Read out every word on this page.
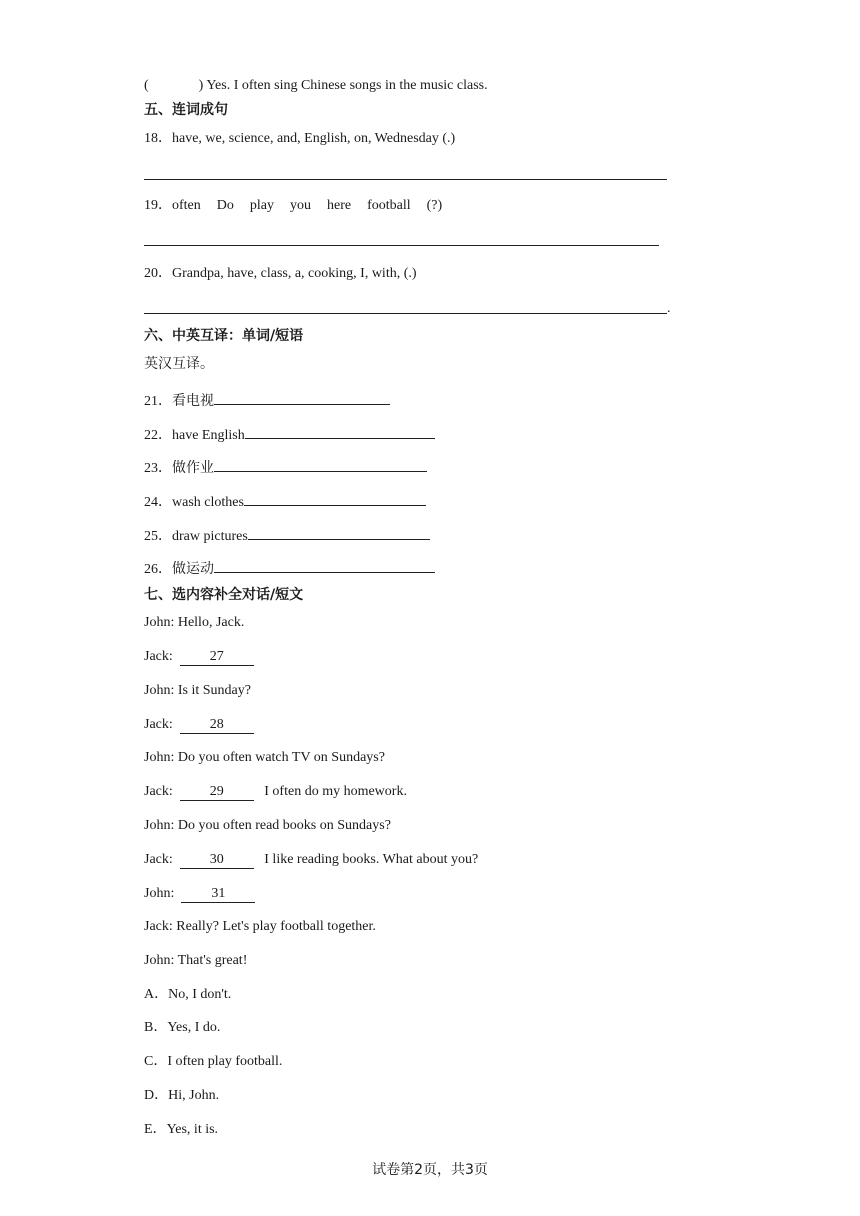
(	) Yes. I often sing Chinese songs in the music class.
五、连词成句
18．have, we, science, and, English, on, Wednesday (.)
19．often Do play you here football (?)
20．Grandpa, have, class, a, cooking, I, with, (.)
.
六、中英互译：单词/短语
英汉互译。
21．看电视
22．have English
23．做作业
24．wash clothes
25．draw pictures
26．做运动
七、选内容补全对话/短文
John: Hello, Jack.
Jack:	27
John: Is it Sunday?
Jack:	28
John: Do you often watch TV on Sundays?
Jack:	29	I often do my homework.
John: Do you often read books on Sundays?
Jack:	30	I like reading books. What about you?
John:	31
Jack: Really? Let's play football together.
John: That's great!
A．No, I don't.
B．Yes, I do.
C．I often play football.
D．Hi, John.
E．Yes, it is.
试卷第2页，共3页
